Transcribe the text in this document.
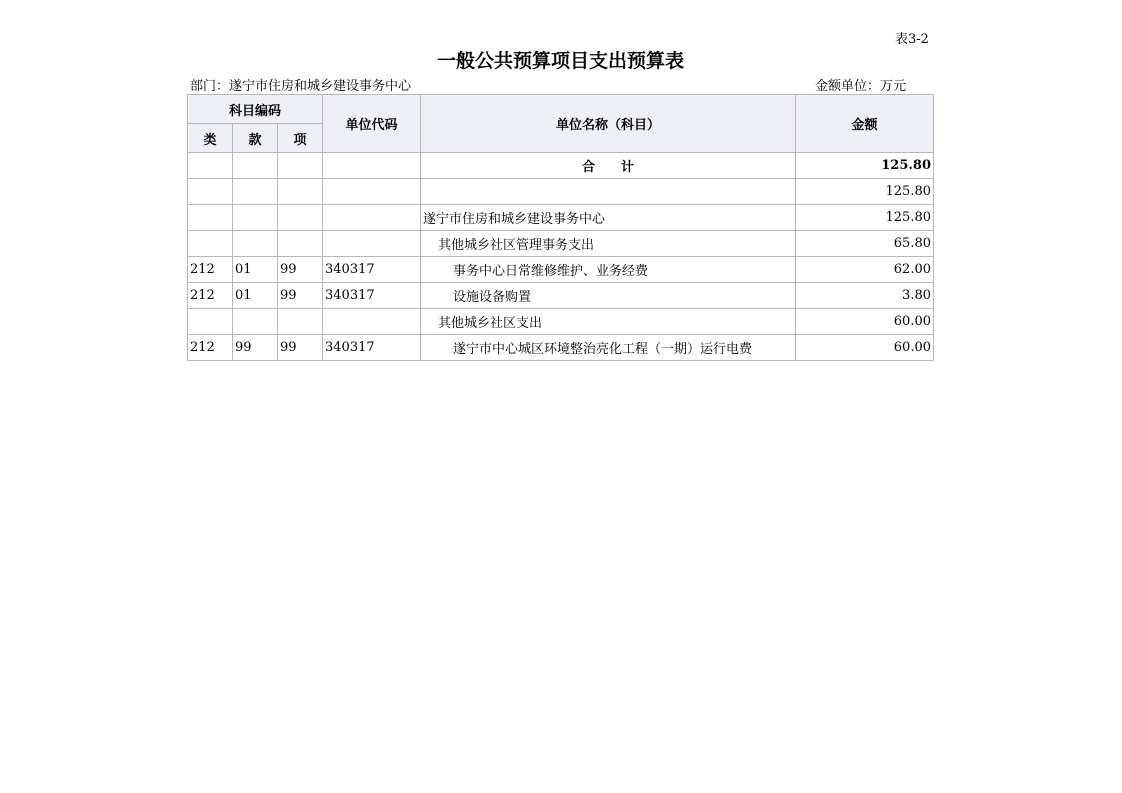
表3-2
一般公共预算项目支出预算表
部门：遂宁市住房和城乡建设事务中心	金额单位：万元
科目编码			单位代码	单位名称（科目）	金额
类	款	项			
				合　　计	125.80
					125.80
				遂宁市住房和城乡建设事务中心	125.80
				其他城乡社区管理事务支出	65.80
212	01	99	340317	事务中心日常维修维护、业务经费	62.00
212	01	99	340317	设施设备购置	3.80
				其他城乡社区支出	60.00
212	99	99	340317	遂宁市中心城区环境整治亮化工程（一期）运行电费	60.00
